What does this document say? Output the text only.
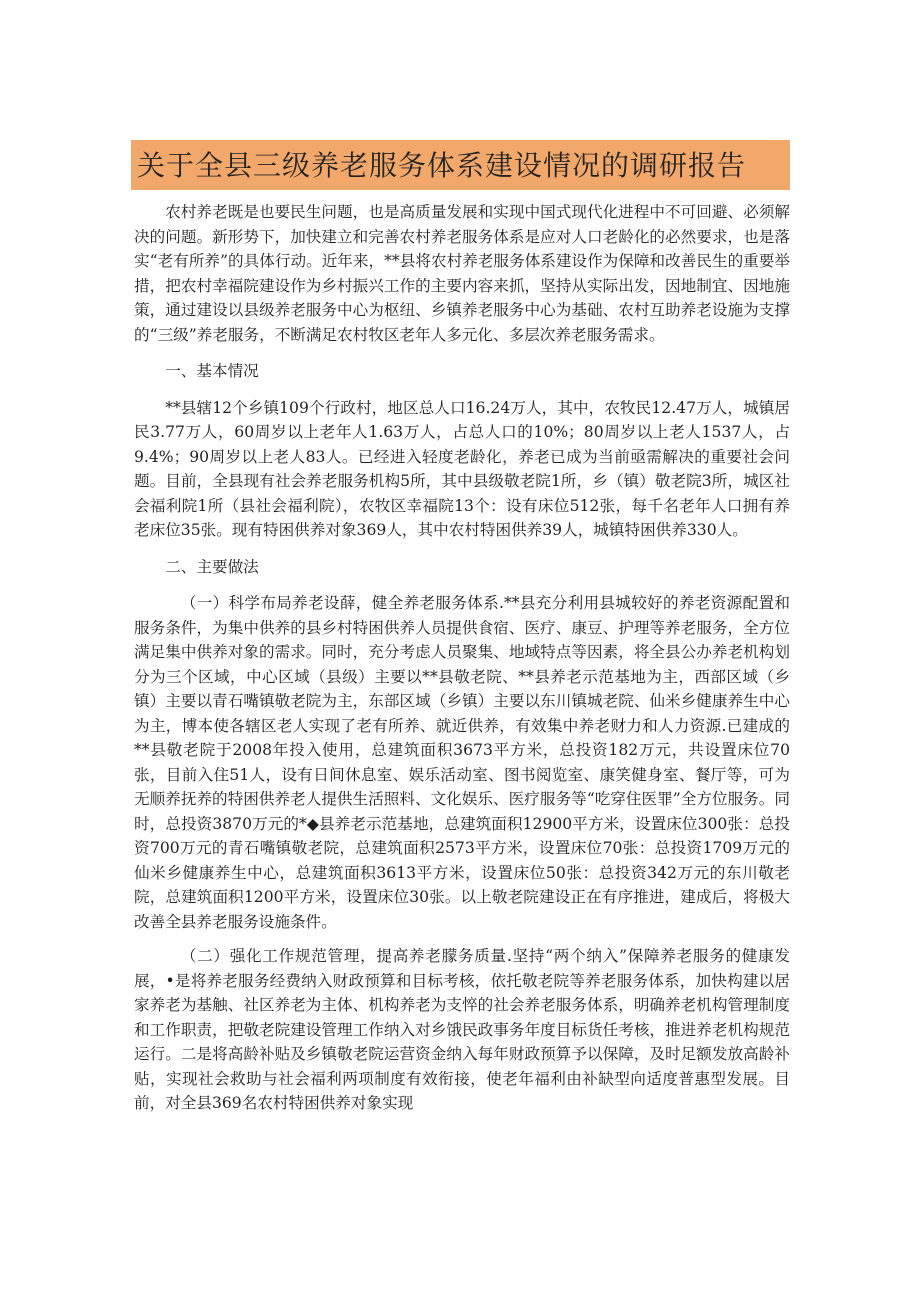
关于全县三级养老服务体系建设情况的调研报告

农村养老既是也要民生问题，也是高质量发展和实现中国式现代化进程中不可回避、必须解决的问题。新形势下，加快建立和完善农村养老服务体系是应对人口老龄化的必然要求，也是落实“老有所养”的具体行动。近年来，**县将农村养老服务体系建设作为保障和改善民生的重要举措，把农村幸福院建设作为乡村振兴工作的主要内容来抓，坚持从实际出发，因地制宜、因地施策，通过建设以县级养老服务中心为枢纽、乡镇养老服务中心为基础、农村互助养老设施为支撑的“三级”养老服务，不断满足农村牧区老年人多元化、多层次养老服务需求。

一、基本情况

**县辖12个乡镇109个行政村，地区总人口16.24万人，其中，农牧民12.47万人，城镇居民3.77万人，60周岁以上老年人1.63万人，占总人口的10%；80周岁以上老人1537人，占9.4%；90周岁以上老人83人。已经进入轻度老龄化，养老已成为当前亟需解决的重要社会问题。目前，全县现有社会养老服务机构5所，其中县级敬老院1所，乡（镇）敬老院3所，城区社会福利院1所（县社会福利院），农牧区幸福院13个：设有床位512张，每千名老年人口拥有养老床位35张。现有特困供养对象369人，其中农村特困供养39人，城镇特困供养330人。

二、主要做法

（一）科学布局养老设薛，健全养老服务体系.**县充分利用县城较好的养老资源配置和服务条件，为集中供养的县乡村特困供养人员提供食宿、医疗、康豆、护理等养老服务，全方位满足集中供养对象的需求。同时，充分考虑人员聚集、地域特点等因素，将全县公办养老机构划分为三个区域，中心区域（县级）主要以**县敬老院、**县养老示范基地为主，西部区域（乡镇）主要以青石嘴镇敬老院为主，东部区域（乡镇）主要以东川镇城老院、仙米乡健康养生中心为主，博本使各辖区老人实现了老有所养、就近供养，有效集中养老财力和人力资源.已建成的**县敬老院于2008年投入使用，总建筑面积3673平方米，总投资182万元，共设置床位70张，目前入住51人，设有日间休息室、娱乐活动室、图书阅览室、康笑健身室、餐厅等，可为无顺养抚养的特困供养老人提供生活照料、文化娱乐、医疗服务等“吃穿住医罪”全方位服务。同时，总投资3870万元的*◆县养老示范基地，总建筑面积12900平方米，设置床位300张：总投资700万元的青石嘴镇敬老院，总建筑面积2573平方米，设置床位70张：总投资1709万元的仙米乡健康养生中心，总建筑面积3613平方米，设置床位50张：总投资342万元的东川敬老院，总建筑面积1200平方米，设置床位30张。以上敬老院建设正在有序推进，建成后，将极大改善全县养老服务设施条件。

（二）强化工作规范管理，提高养老朦务质量.坚持“两个纳入”保障养老服务的健康发展，•是将养老服务经费纳入财政预算和目标考核，依托敬老院等养老服务体系，加快构建以居家养老为基触、社区养老为主体、机构养老为支悴的社会养老服务体系，明确养老机构管理制度和工作职责，把敬老院建设管理工作纳入对乡饿民政事务年度目标货任考核，推进养老机构规范运行。二是将高龄补贴及乡镇敬老院运营资金纳入每年财政预算予以保障，及时足额发放高龄补贴，实现社会救助与社会福利两项制度有效衔接，使老年福利由补缺型向适度普惠型发展。目前，对全县369名农村特困供养对象实现
